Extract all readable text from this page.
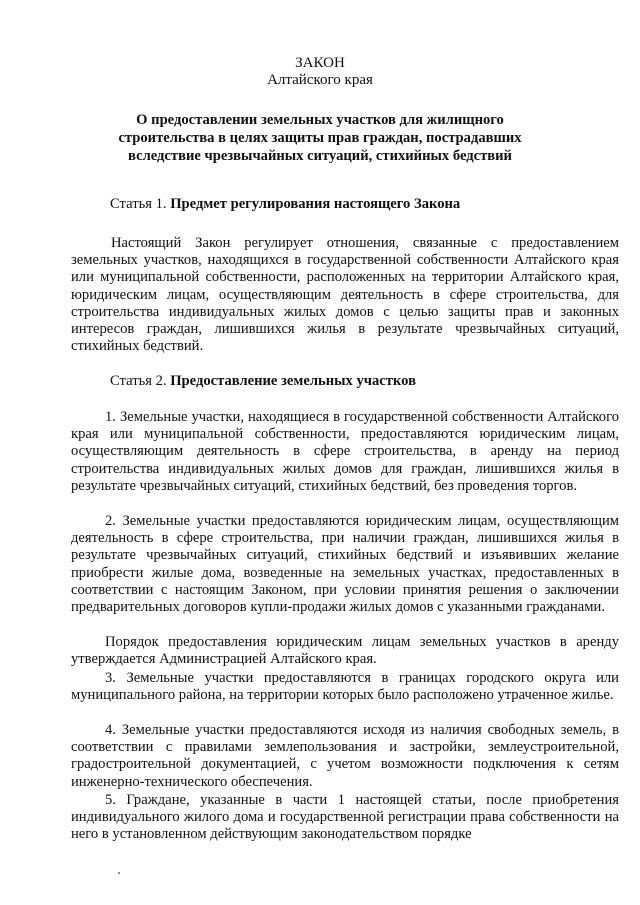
ЗАКОН
Алтайского края
О предоставлении земельных участков для жилищного строительства в целях защиты прав граждан, пострадавших вследствие чрезвычайных ситуаций, стихийных бедствий
Статья 1. Предмет регулирования настоящего Закона

Настоящий Закон регулирует отношения, связанные с предоставлением земельных участков, находящихся в государственной собственности Алтайского края или муниципальной собственности, расположенных на территории Алтайского края, юридическим лицам, осуществляющим деятельность в сфере строительства, для строительства индивидуальных жилых домов с целью защиты прав и законных интересов граждан, лишившихся жилья в результате чрезвычайных ситуаций, стихийных бедствий.

Статья 2. Предоставление земельных участков

1. Земельные участки, находящиеся в государственной собственности Алтайского края или муниципальной собственности, предоставляются юридическим лицам, осуществляющим деятельность в сфере строительства, в аренду на период строительства индивидуальных жилых домов для граждан, лишившихся жилья в результате чрезвычайных ситуаций, стихийных бедствий, без проведения торгов.

2. Земельные участки предоставляются юридическим лицам, осуществляющим деятельность в сфере строительства, при наличии граждан, лишившихся жилья в результате чрезвычайных ситуаций, стихийных бедствий и изъявивших желание приобрести жилые дома, возведенные на земельных участках, предоставленных в соответствии с настоящим Законом, при условии принятия решения о заключении предварительных договоров купли-продажи жилых домов с указанными гражданами.

Порядок предоставления юридическим лицам земельных участков в аренду утверждается Администрацией Алтайского края.

3. Земельные участки предоставляются в границах городского округа или муниципального района, на территории которых было расположено утраченное жилье.

4. Земельные участки предоставляются исходя из наличия свободных земель, в соответствии с правилами землепользования и застройки, землеустроительной, градостроительной документацией, с учетом возможности подключения к сетям инженерно-технического обеспечения.

5. Граждане, указанные в части 1 настоящей статьи, после приобретения индивидуального жилого дома и государственной регистрации права собственности на него в установленном действующим законодательством порядке
